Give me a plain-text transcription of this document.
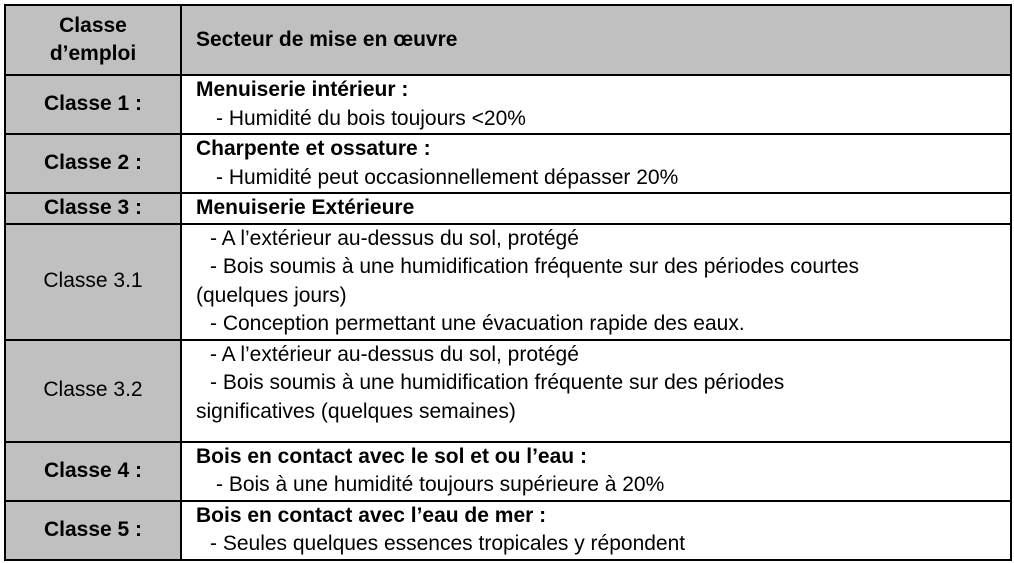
Classe
d’emploi	Secteur de mise en œuvre
Classe 1 :	Menuiserie intérieur :
- Humidité du bois toujours <20%

Classe 2 :	Charpente et ossature :
- Humidité peut occasionnellement dépasser 20%

Classe 3 :	Menuiserie Extérieure

Classe 3.1	- A l’extérieur au-dessus du sol, protégé
- Bois soumis à une humidification fréquente sur des périodes courtes
(quelques jours)
- Conception permettant une évacuation rapide des eaux.

Classe 3.2	- A l’extérieur au-dessus du sol, protégé
- Bois soumis à une humidification fréquente sur des périodes
significatives (quelques semaines)

Classe 4 :	Bois en contact avec le sol et ou l’eau :
- Bois à une humidité toujours supérieure à 20%

Classe 5 :	Bois en contact avec l’eau de mer :
- Seules quelques essences tropicales y répondent
